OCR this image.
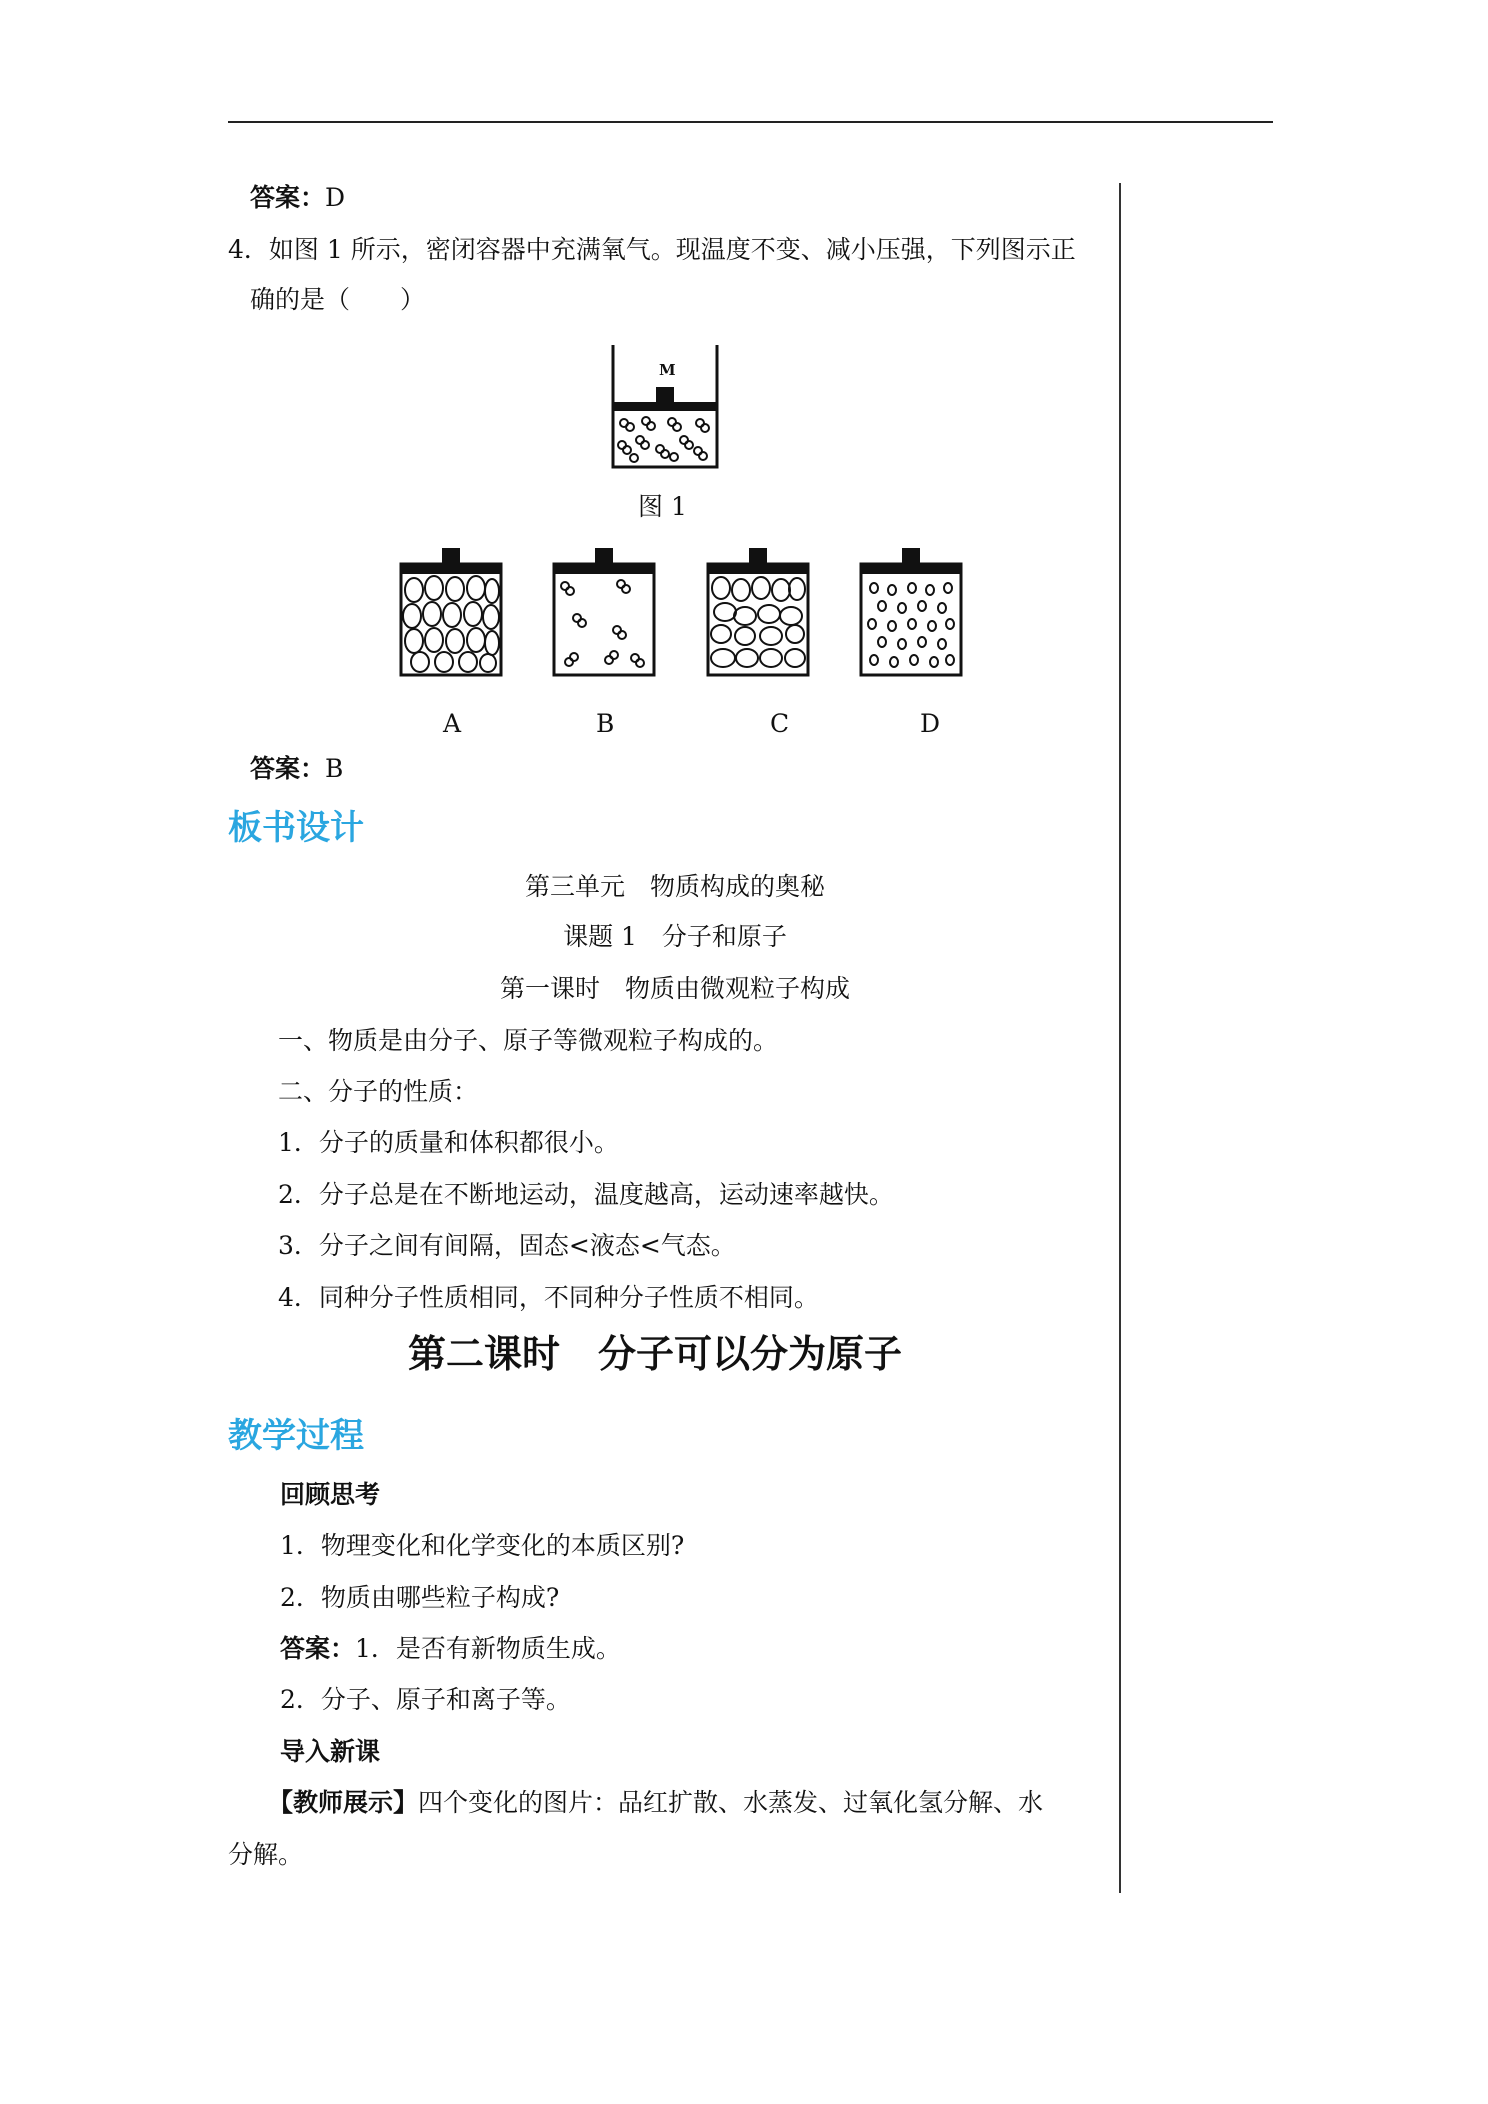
答案：D
4．如图 1 所示，密闭容器中充满氧气。现温度不变、减小压强，下列图示正
确的是（　　）
M
图 1
A	B	C	D
答案：B
板书设计
第三单元　物质构成的奥秘
课题 1　分子和原子
第一课时　物质由微观粒子构成
一、物质是由分子、原子等微观粒子构成的。
二、分子的性质：
1．分子的质量和体积都很小。
2．分子总是在不断地运动，温度越高，运动速率越快。
3．分子之间有间隔，固态<液态<气态。
4．同种分子性质相同，不同种分子性质不相同。
第二课时　分子可以分为原子
教学过程
回顾思考
1．物理变化和化学变化的本质区别?
2．物质由哪些粒子构成?
答案：1．是否有新物质生成。
2．分子、原子和离子等。
导入新课
【教师展示】四个变化的图片：品红扩散、水蒸发、过氧化氢分解、水
分解。
